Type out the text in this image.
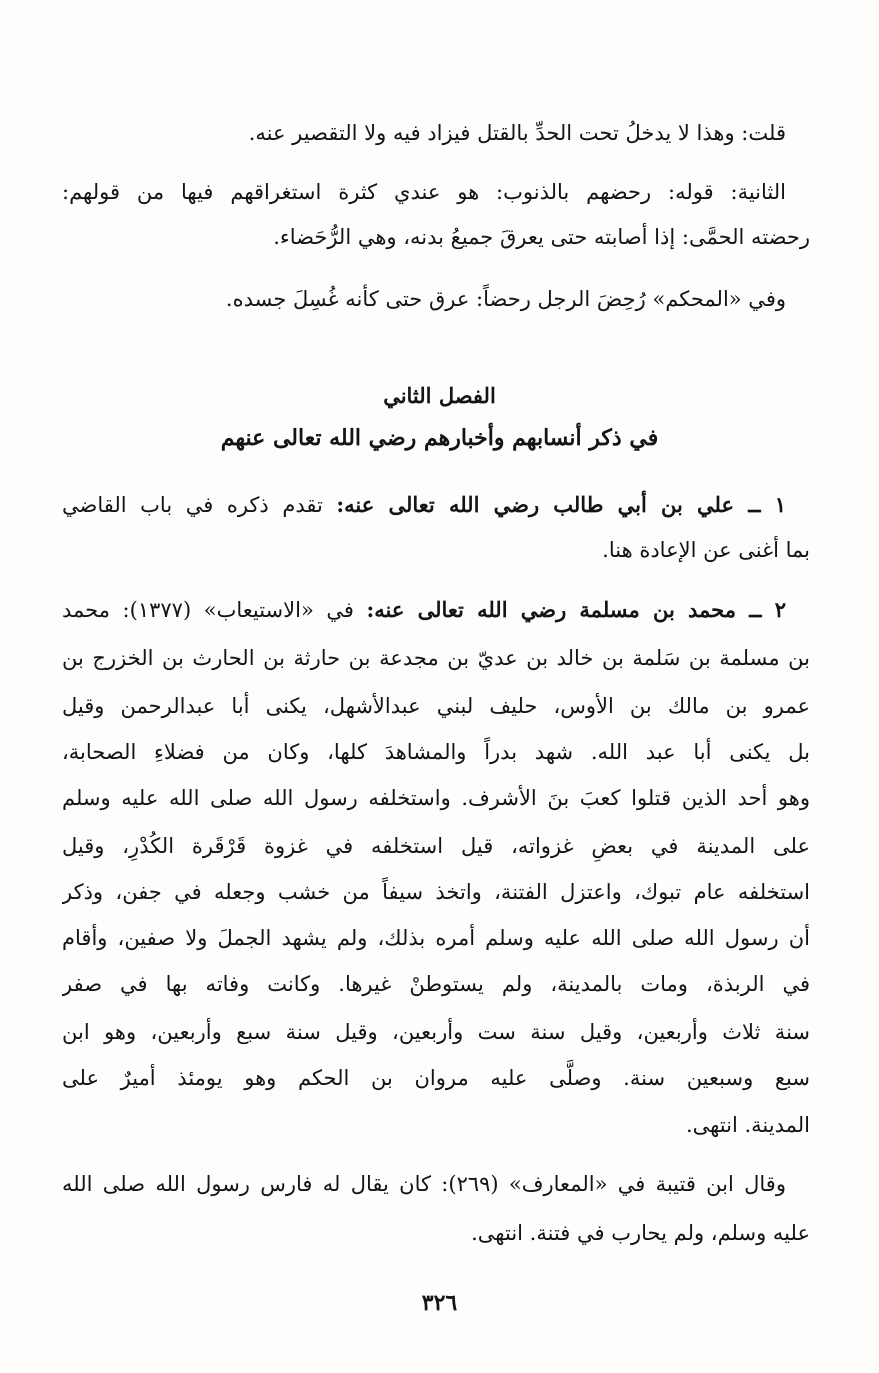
قلت: وهذا لا يدخلُ تحت الحدِّ بالقتل فيزاد فيه ولا التقصير عنه.
الثانية: قوله: رحضهم بالذنوب: هو عندي كثرة استغراقهم فيها من قولهم:
رحضته الحمَّى: إذا أصابته حتى يعرقَ جميعُ بدنه، وهي الرُّحَضاء.
وفي «المحكم» رُحِضَ الرجل رحضاً: عرق حتى كأنه غُسِلَ جسده.
الفصل الثاني
في ذكر أنسابهم وأخبارهم رضي الله تعالى عنهم
١ ــ علي بن أبي طالب رضي الله تعالى عنه: تقدم ذكره في باب القاضي
بما أغنى عن الإعادة هنا.
٢ ــ محمد بن مسلمة رضي الله تعالى عنه: في «الاستيعاب» (١٣٧٧): محمد
بن مسلمة بن سَلمة بن خالد بن عديّ بن مجدعة بن حارثة بن الحارث بن الخزرج بن
عمرو بن مالك بن الأوس، حليف لبني عبدالأشهل، يكنى أبا عبدالرحمن وقيل
بل يكنى أبا عبد الله. شهد بدراً والمشاهدَ كلها، وكان من فضلاءِ الصحابة،
وهو أحد الذين قتلوا كعبَ بنَ الأشرف. واستخلفه رسول الله صلى الله عليه وسلم
على المدينة في بعضِ غزواته، قيل استخلفه في غزوة قَرْقَرة الكُدْرِ، وقيل
استخلفه عام تبوك، واعتزل الفتنة، واتخذ سيفاً من خشب وجعله في جفن، وذكر
أن رسول الله صلى الله عليه وسلم أمره بذلك، ولم يشهد الجملَ ولا صفين، وأقام
في الربذة، ومات بالمدينة، ولم يستوطنْ غيرها. وكانت وفاته بها في صفر
سنة ثلاث وأربعين، وقيل سنة ست وأربعين، وقيل سنة سبع وأربعين، وهو ابن
سبع وسبعين سنة. وصلَّى عليه مروان بن الحكم وهو يومئذ أميرٌ على
المدينة. انتهى.
وقال ابن قتيبة في «المعارف» (٢٦٩): كان يقال له فارس رسول الله صلى الله
عليه وسلم، ولم يحارب في فتنة. انتهى.
٣٢٦
